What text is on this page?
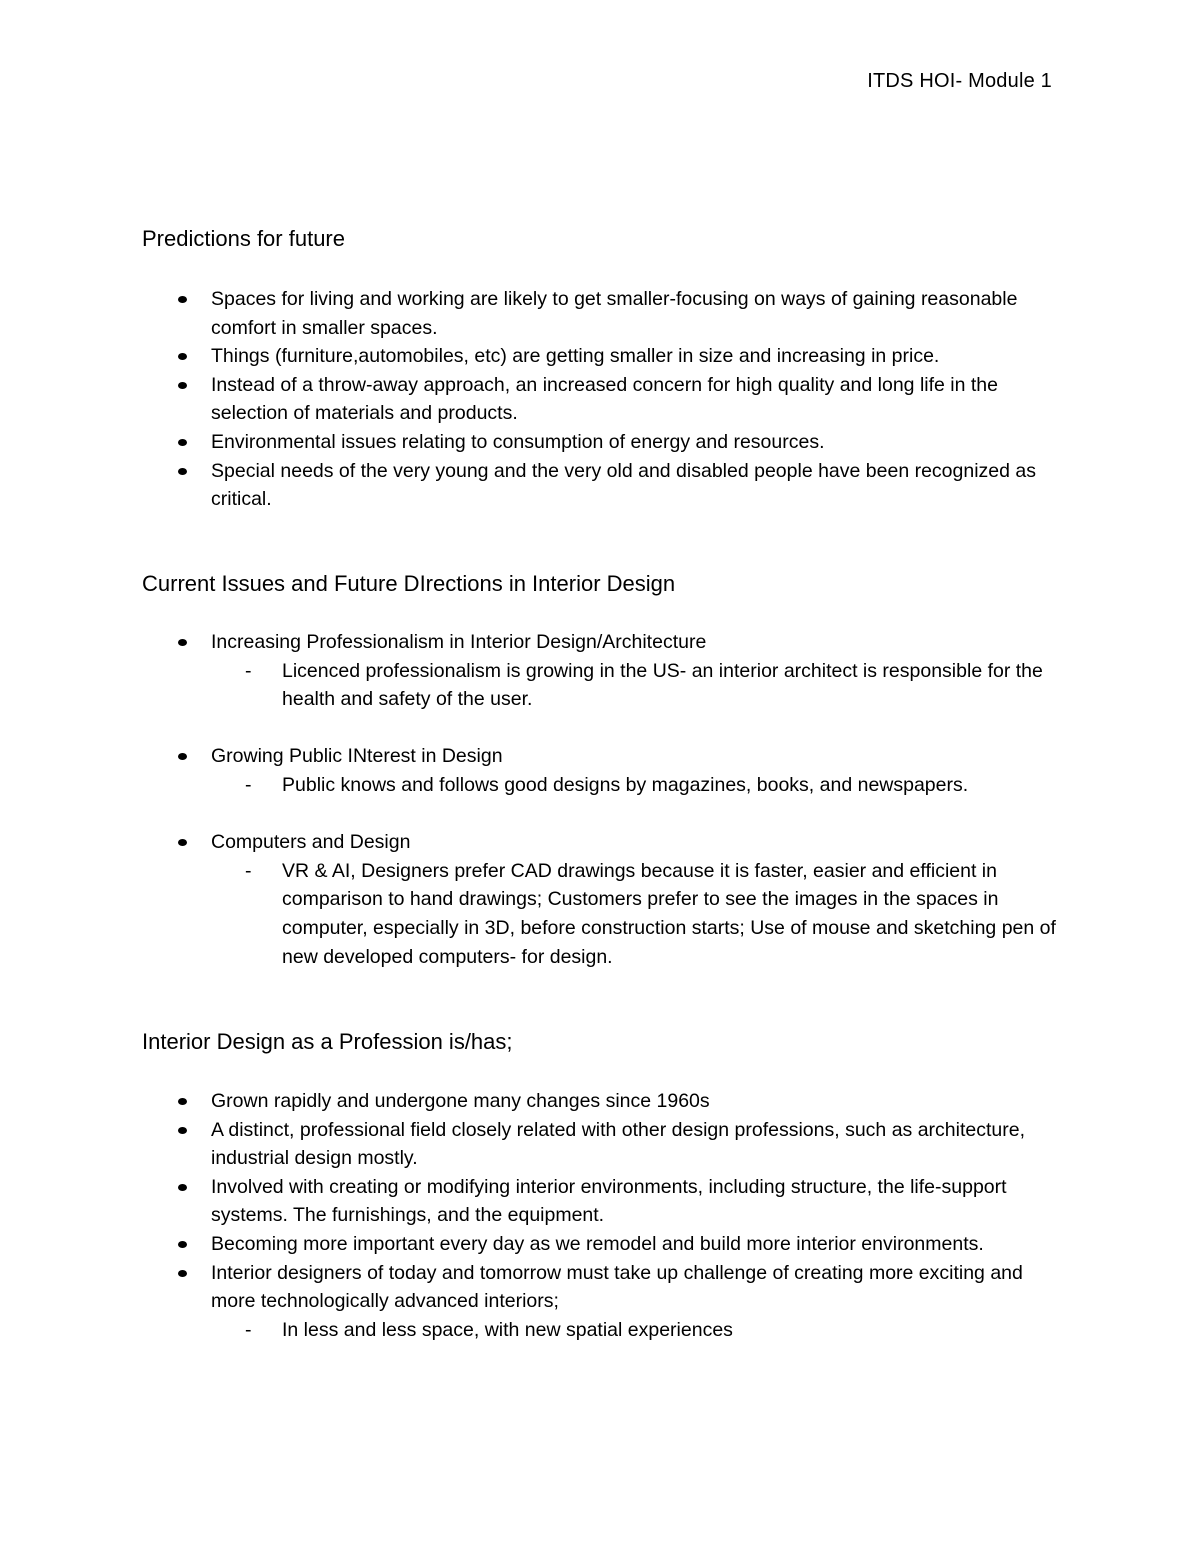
ITDS HOI- Module 1
Predictions for future
Spaces for living and working are likely to get smaller-focusing on ways of gaining reasonable comfort in smaller spaces.
Things (furniture,automobiles, etc) are getting smaller in size and increasing in price.
Instead of a throw-away approach, an increased concern for high quality and long life in the selection of materials and products.
Environmental issues relating to consumption of energy and resources.
Special needs of the very young and the very old and disabled people have been recognized as critical.
Current Issues and Future DIrections in Interior Design
Increasing Professionalism in Interior Design/Architecture
- Licenced professionalism is growing in the US- an interior architect is responsible for the health and safety of the user.
Growing Public INterest in Design
- Public knows and follows good designs by magazines, books, and newspapers.
Computers and Design
- VR & AI, Designers prefer CAD drawings because it is faster, easier and efficient in comparison to hand drawings; Customers prefer to see the images in the spaces in computer, especially in 3D, before construction starts; Use of mouse and sketching pen of new developed computers- for design.
Interior Design as a Profession is/has;
Grown rapidly and undergone many changes since 1960s
A distinct, professional field closely related with other design professions, such as architecture, industrial design mostly.
Involved with creating or modifying interior environments, including structure, the life-support systems. The furnishings, and the equipment.
Becoming more important every day as we remodel and build more interior environments.
Interior designers of today and tomorrow must take up challenge of creating more exciting and more technologically advanced interiors;
- In less and less space, with new spatial experiences
